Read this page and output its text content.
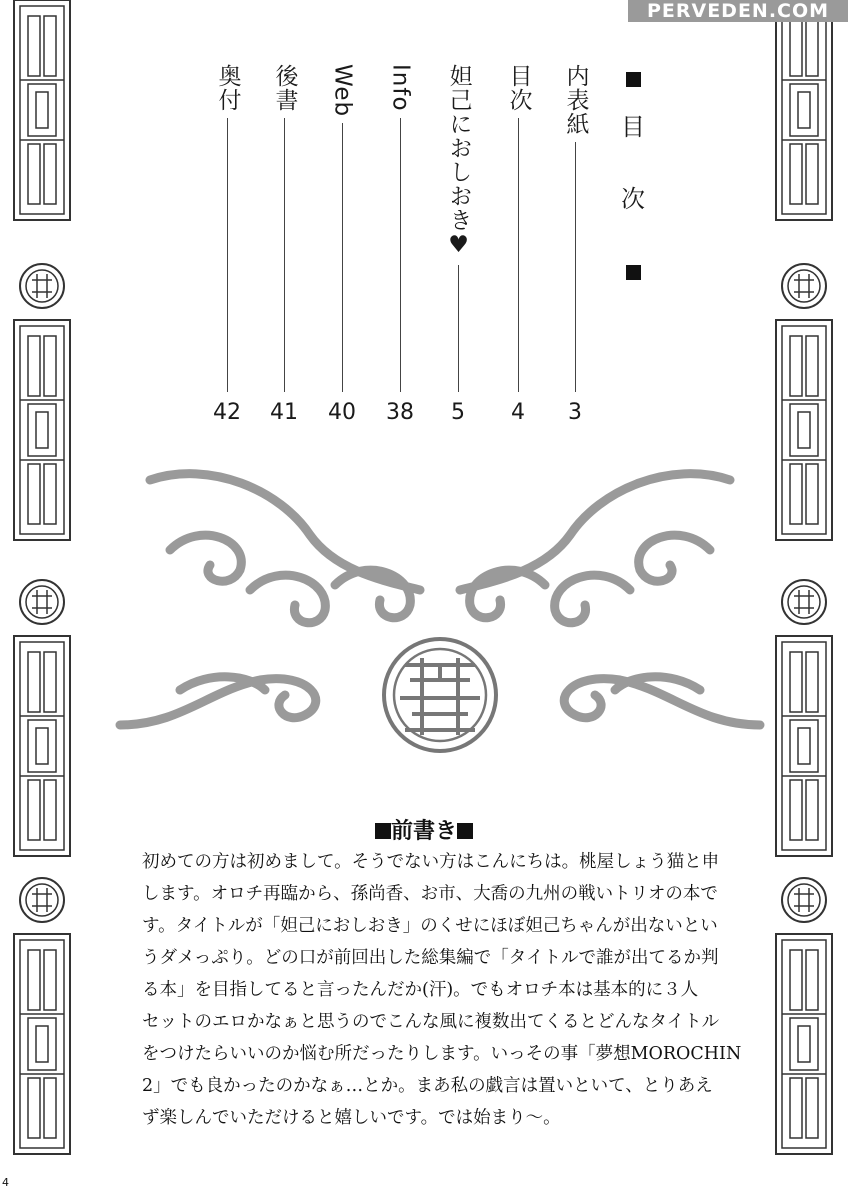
PERVEDEN.COM
目
次
内表紙
3
目次
4
妲己におしおき♥
5
Info
38
Web
40
後書
41
奥付
42
前書き
初めての方は初めまして。そうでない方はこんにちは。桃屋しょう猫と申
します。オロチ再臨から、孫尚香、お市、大喬の九州の戦いトリオの本で
す。タイトルが「妲己におしおき」のくせにほぼ妲己ちゃんが出ないとい
うダメっぷり。どの口が前回出した総集編で「タイトルで誰が出てるか判
る本」を目指してると言ったんだか(汗)。でもオロチ本は基本的に３人
セットのエロかなぁと思うのでこんな風に複数出てくるとどんなタイトル
をつけたらいいのか悩む所だったりします。いっその事「夢想MOROCHIN
2」でも良かったのかなぁ…とか。まあ私の戯言は置いといて、とりあえ
ず楽しんでいただけると嬉しいです。では始まり〜。
4
